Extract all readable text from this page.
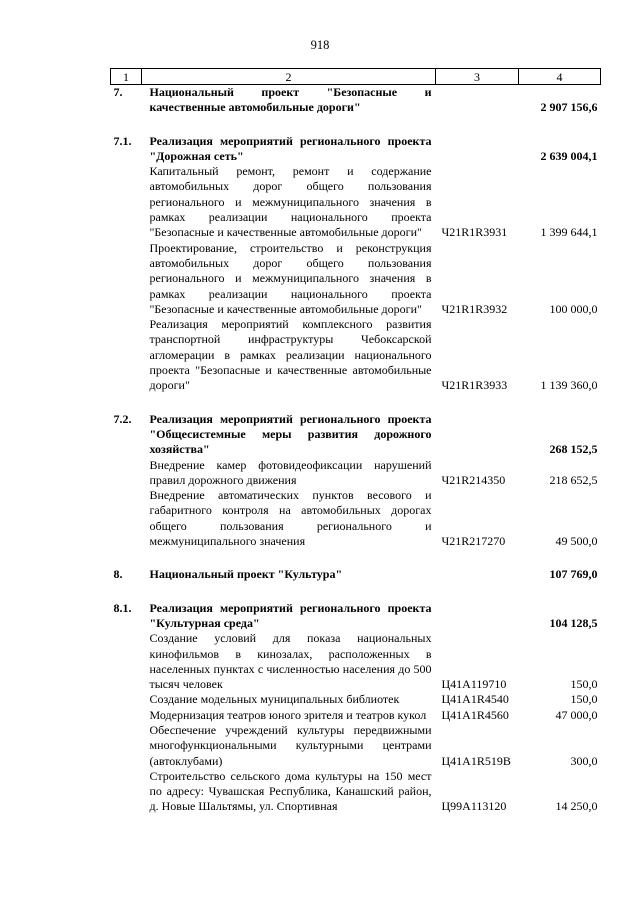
918
1	2	3	4
7.	Национальный проект "Безопасные и качественные автомобильные дороги"		2 907 156,6

7.1.	Реализация мероприятий регионального проекта "Дорожная сеть"		2 639 004,1
	Капитальный ремонт, ремонт и содержание автомобильных дорог общего пользования регионального и межмуниципального значения в рамках реализации национального проекта "Безопасные и качественные автомобильные дороги"	Ч21R1R3931	1 399 644,1
	Проектирование, строительство и реконструкция автомобильных дорог общего пользования регионального и межмуниципального значения в рамках реализации национального проекта "Безопасные и качественные автомобильные дороги"	Ч21R1R3932	100 000,0
	Реализация мероприятий комплексного развития транспортной инфраструктуры Чебоксарской агломерации в рамках реализации национального проекта "Безопасные и качественные автомобильные дороги"	Ч21R1R3933	1 139 360,0

7.2.	Реализация мероприятий регионального проекта "Общесистемные меры развития дорожного хозяйства"		268 152,5
	Внедрение камер фотовидеофиксации нарушений правил дорожного движения	Ч21R214350	218 652,5
	Внедрение автоматических пунктов весового и габаритного контроля на автомобильных дорогах общего пользования регионального и межмуниципального значения	Ч21R217270	49 500,0

8.	Национальный проект "Культура"		107 769,0

8.1.	Реализация мероприятий регионального проекта "Культурная среда"		104 128,5
	Создание условий для показа национальных кинофильмов в кинозалах, расположенных в населенных пунктах с численностью населения до 500 тысяч человек	Ц41А119710	150,0
	Создание модельных муниципальных библиотек	Ц41А1R4540	150,0
	Модернизация театров юного зрителя и театров кукол	Ц41А1R4560	47 000,0
	Обеспечение учреждений культуры передвижными многофункциональными культурными центрами (автоклубами)	Ц41А1R519В	300,0
	Строительство сельского дома культуры на 150 мест по адресу: Чувашская Республика, Канашский район, д. Новые Шальтямы, ул. Спортивная	Ц99А113120	14 250,0
